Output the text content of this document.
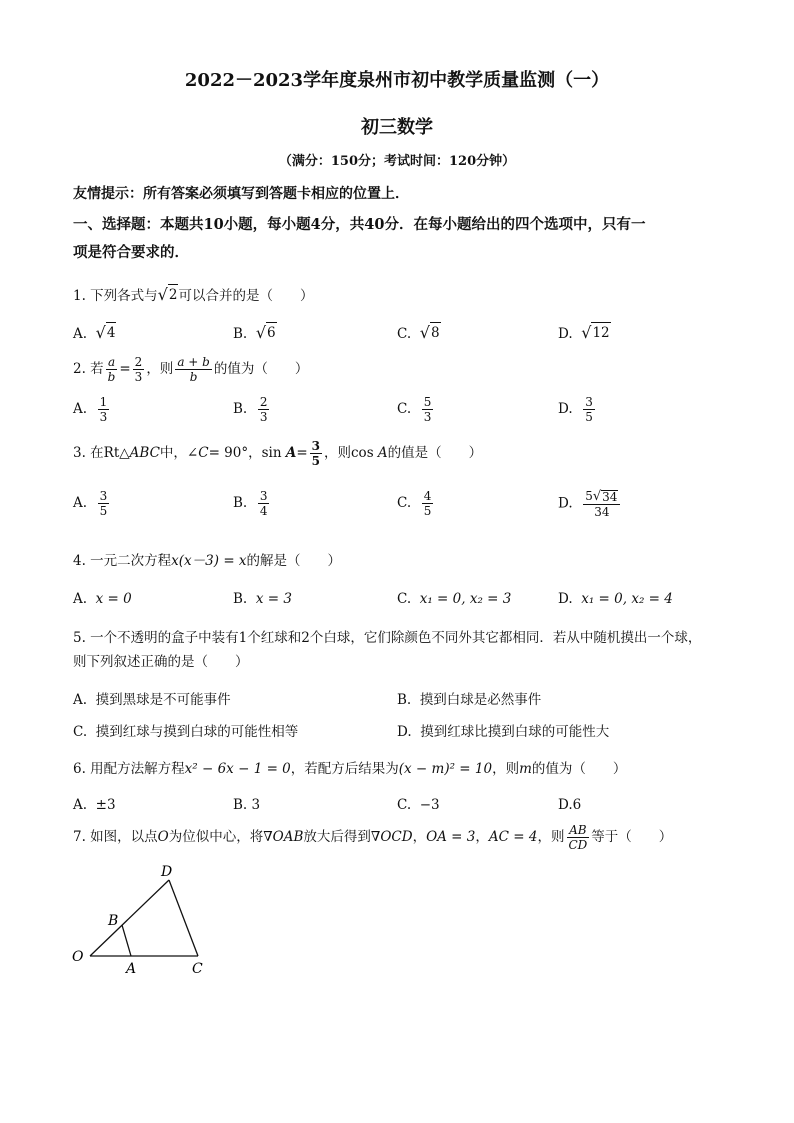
2022－2023学年度泉州市初中教学质量监测（一）
初三数学
（满分：150分；考试时间：120分钟）
友情提示：所有答案必须填写到答题卡相应的位置上．
一、选择题：本题共10小题，每小题4分，共40分．在每小题给出的四个选项中，只有一
项是符合要求的．
1. 下列各式与 √ 2 可以合并的是（　　）
A. √ 4	B. √ 6	C. √ 8	D. √ 12
2. 若 $\frac{a}{b} = \frac{2}{3}$ ，则 $\frac{a + b}{b}$ 的值为（　　）
A. $\frac{1}{3}$	B. $\frac{2}{3}$	C. $\frac{5}{3}$	D. $\frac{3}{5}$
3. 在Rt△ABC中，∠C= 90°，$\sin A= \frac{3}{5}$ ，则cos A的值是（　　）
A. $\frac{3}{5}$	B. $\frac{3}{4}$	C. $\frac{4}{5}$	D. $\frac{5 √ 34}{34}$
4. 一元二次方程x(x－3) = x的解是（　　）
A. x = 0	B. x = 3	C. x₁ = 0, x₂ = 3	D. x₁ = 0, x₂ = 4
5. 一个不透明的盒子中装有1个红球和2个白球，它们除颜色不同外其它都相同．若从中随机摸出一个球，
则下列叙述正确的是（　　）
A. 摸到黑球是不可能事件	B. 摸到白球是必然事件
C. 摸到红球与摸到白球的可能性相等	D. 摸到红球比摸到白球的可能性大
6. 用配方法解方程x² − 6x − 1 = 0，若配方后结果为(x − m)² = 10，则m的值为（　　）
A. ±3	B. 3	C. −3	D.6
7. 如图，以点O为位似中心，将∇OAB放大后得到∇OCD，OA = 3，AC = 4，则 $\frac{AB}{CD}$ 等于（　　）
O
A
B
C
D
